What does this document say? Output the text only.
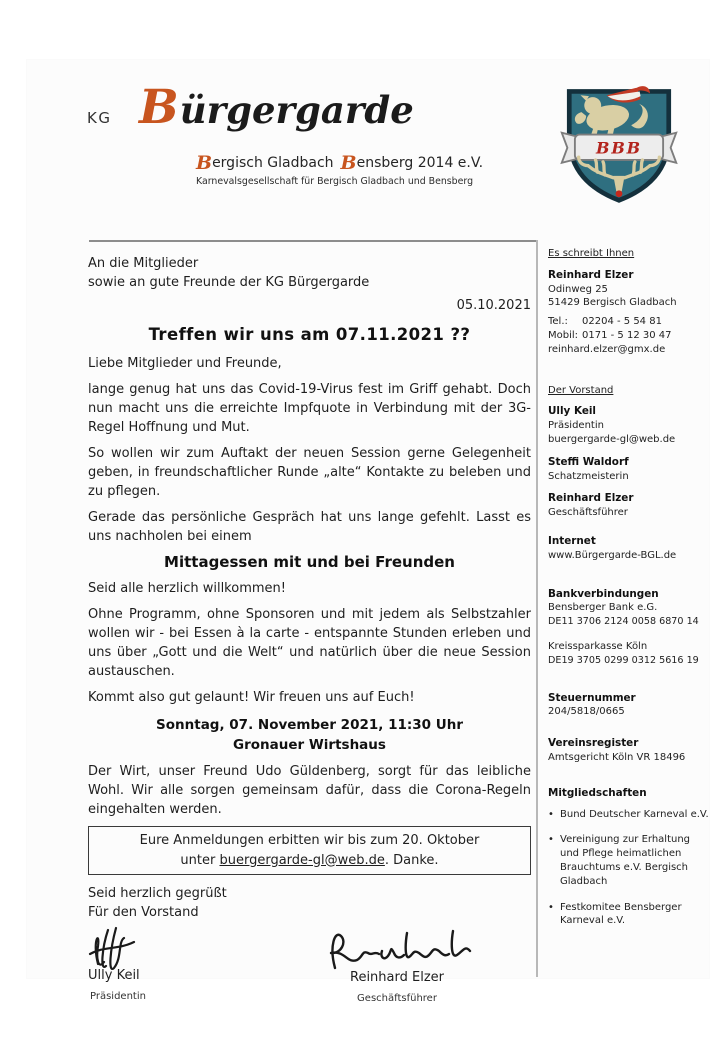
KG Bürgergarde
Bergisch Gladbach Bensberg 2014 e.V.
Karnevalsgesellschaft für Bergisch Gladbach und Bensberg
BBB
An die Mitglieder
sowie an gute Freunde der KG Bürgergarde
05.10.2021
Treffen wir uns am 07.11.2021 ??
Liebe Mitglieder und Freunde,

lange genug hat uns das Covid-19-Virus fest im Griff gehabt. Doch nun macht uns die erreichte Impfquote in Verbindung mit der 3G-Regel Hoffnung und Mut.

So wollen wir zum Auftakt der neuen Session gerne Gelegenheit geben, in freundschaftlicher Runde „alte“ Kontakte zu beleben und zu pflegen.

Gerade das persönliche Gespräch hat uns lange gefehlt. Lasst es uns nachholen bei einem

Mittagessen mit und bei Freunden
Seid alle herzlich willkommen!

Ohne Programm, ohne Sponsoren und mit jedem als Selbstzahler wollen wir - bei Essen à la carte - entspannte Stunden erleben und uns über „Gott und die Welt“ und natürlich über die neue Session austauschen.

Kommt also gut gelaunt! Wir freuen uns auf Euch!

Sonntag, 07. November 2021, 11:30 Uhr
Gronauer Wirtshaus

Der Wirt, unser Freund Udo Güldenberg, sorgt für das leibliche Wohl. Wir alle sorgen gemeinsam dafür, dass die Corona-Regeln eingehalten werden.

Eure Anmeldungen erbitten wir bis zum 20. Oktober
unter buergergarde-gl@web.de. Danke.
Seid herzlich gegrüßt
Für den Vorstand
Ully Keil
Präsidentin
Reinhard Elzer
Geschäftsführer
Es schreibt Ihnen
Reinhard Elzer
Odinweg 25
51429 Bergisch Gladbach
Tel.:	02204 - 5 54 81
Mobil: 0171 - 5 12 30 47
reinhard.elzer@gmx.de
Der Vorstand
Ully Keil
Präsidentin
buergergarde-gl@web.de
Steffi Waldorf
Schatzmeisterin
Reinhard Elzer
Geschäftsführer
Internet
www.Bürgergarde-BGL.de
Bankverbindungen
Bensberger Bank e.G.
DE11 3706 2124 0058 6870 14
Kreissparkasse Köln
DE19 3705 0299 0312 5616 19
Steuernummer
204/5818/0665
Vereinsregister
Amtsgericht Köln VR 18496
Mitgliedschaften
• Bund Deutscher Karneval e.V.
• Vereinigung zur Erhaltung und Pflege heimatlichen Brauchtums e.V. Bergisch Gladbach
• Festkomitee Bensberger Karneval e.V.
